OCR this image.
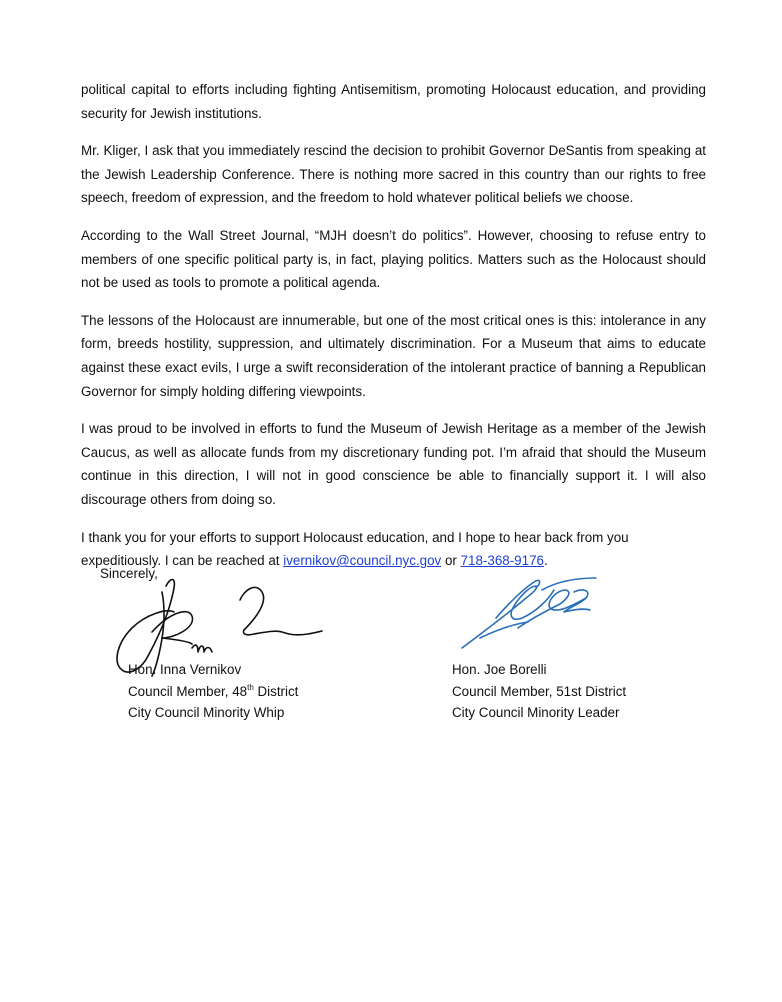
political capital to efforts including fighting Antisemitism, promoting Holocaust education, and providing security for Jewish institutions.

Mr. Kliger, I ask that you immediately rescind the decision to prohibit Governor DeSantis from speaking at the Jewish Leadership Conference. There is nothing more sacred in this country than our rights to free speech, freedom of expression, and the freedom to hold whatever political beliefs we choose.

According to the Wall Street Journal, “MJH doesn’t do politics”. However, choosing to refuse entry to members of one specific political party is, in fact, playing politics. Matters such as the Holocaust should not be used as tools to promote a political agenda.

The lessons of the Holocaust are innumerable, but one of the most critical ones is this: intolerance in any form, breeds hostility, suppression, and ultimately discrimination. For a Museum that aims to educate against these exact evils, I urge a swift reconsideration of the intolerant practice of banning a Republican Governor for simply holding differing viewpoints.

I was proud to be involved in efforts to fund the Museum of Jewish Heritage as a member of the Jewish Caucus, as well as allocate funds from my discretionary funding pot. I’m afraid that should the Museum continue in this direction, I will not in good conscience be able to financially support it. I will also discourage others from doing so.

I thank you for your efforts to support Holocaust education, and I hope to hear back from you expeditiously. I can be reached at ivernikov@council.nyc.gov or 718-368-9176.

Sincerely,
Hon. Inna Vernikov
Council Member, 48th District
City Council Minority Whip
Hon. Joe Borelli
Council Member, 51st District
City Council Minority Leader
